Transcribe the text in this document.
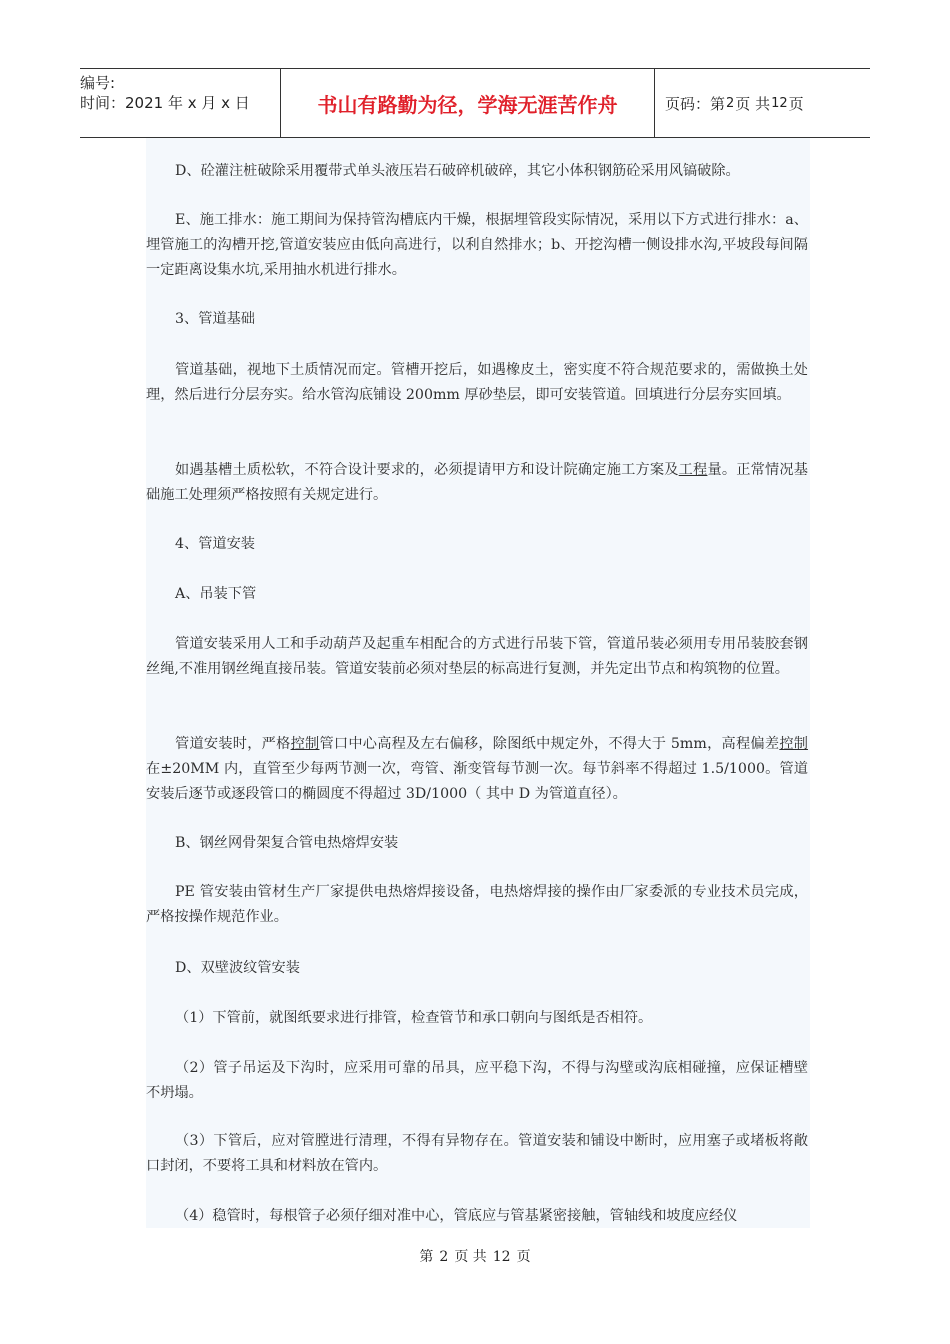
编号:
时间：2021 年 x 月 x 日	书山有路勤为径，学海无涯苦作舟	页码：第 2 页 共 12 页

D、砼灌注桩破除采用覆带式单头液压岩石破碎机破碎，其它小体积钢筋砼采用风镐破除。

E、施工排水：施工期间为保持管沟槽底内干燥，根据埋管段实际情况，采用以下方式进行排水：a、埋管施工的沟槽开挖,管道安装应由低向高进行，以利自然排水；b、开挖沟槽一侧设排水沟,平坡段每间隔一定距离设集水坑,采用抽水机进行排水。

3、管道基础

管道基础，视地下土质情况而定。管槽开挖后，如遇橡皮土，密实度不符合规范要求的，需做换土处理，然后进行分层夯实。给水管沟底铺设 200mm 厚砂垫层，即可安装管道。回填进行分层夯实回填。

如遇基槽土质松软，不符合设计要求的，必须提请甲方和设计院确定施工方案及工程量。正常情况基础施工处理须严格按照有关规定进行。

4、管道安装

A、吊装下管

管道安装采用人工和手动葫芦及起重车相配合的方式进行吊装下管，管道吊装必须用专用吊装胶套钢丝绳,不准用钢丝绳直接吊装。管道安装前必须对垫层的标高进行复测，并先定出节点和构筑物的位置。

管道安装时，严格控制管口中心高程及左右偏移，除图纸中规定外，不得大于 5mm，高程偏差控制在±20MM 内，直管至少每两节测一次，弯管、渐变管每节测一次。每节斜率不得超过 1.5/1000。管道安装后逐节或逐段管口的椭圆度不得超过 3D/1000（ 其中 D 为管道直径）。

B、钢丝网骨架复合管电热熔焊安装

PE 管安装由管材生产厂家提供电热熔焊接设备，电热熔焊接的操作由厂家委派的专业技术员完成，严格按操作规范作业。

D、双壁波纹管安装

（1）下管前，就图纸要求进行排管，检查管节和承口朝向与图纸是否相符。

（2）管子吊运及下沟时，应采用可靠的吊具，应平稳下沟，不得与沟壁或沟底相碰撞，应保证槽壁不坍塌。

（3）下管后，应对管膛进行清理，不得有异物存在。管道安装和铺设中断时，应用塞子或堵板将敞口封闭，不要将工具和材料放在管内。

（4）稳管时，每根管子必须仔细对准中心，管底应与管基紧密接触，管轴线和坡度应经仪

第 2 页 共 12 页
